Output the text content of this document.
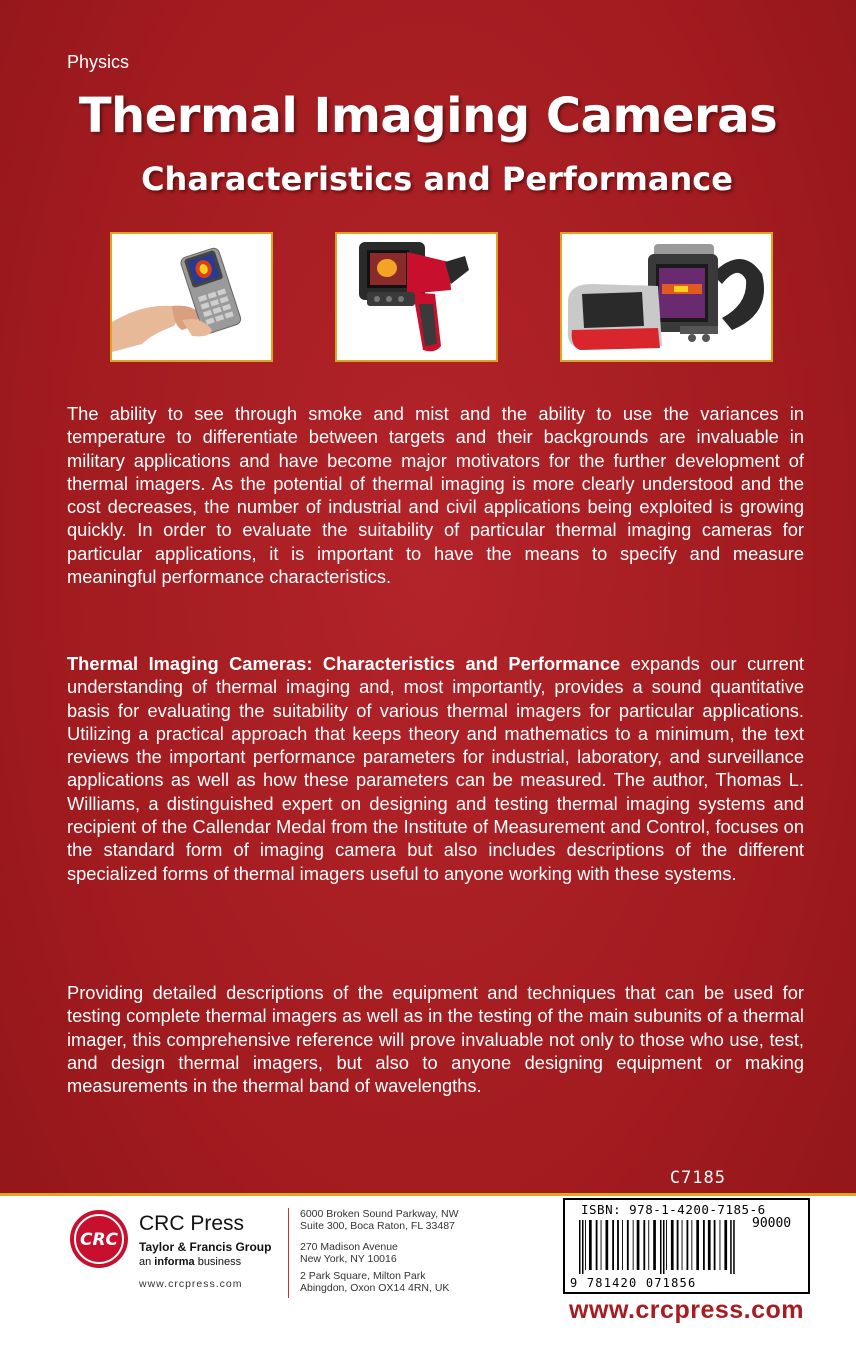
Physics
Thermal Imaging Cameras
Characteristics and Performance

The ability to see through smoke and mist and the ability to use the variances in temperature to differentiate between targets and their backgrounds are invaluable in military applications and have become major motivators for the further development of thermal imagers. As the potential of thermal imaging is more clearly understood and the cost decreases, the number of industrial and civil applications being exploited is growing quickly. In order to evaluate the suitability of particular thermal imaging cameras for particular applications, it is important to have the means to specify and measure meaningful performance characteristics.

Thermal Imaging Cameras: Characteristics and Performance expands our current understanding of thermal imaging and, most importantly, provides a sound quantitative basis for evaluating the suitability of various thermal imagers for particular applications. Utilizing a practical approach that keeps theory and mathematics to a minimum, the text reviews the important performance parameters for industrial, laboratory, and surveillance applications as well as how these parameters can be measured. The author, Thomas L. Williams, a distinguished expert on designing and testing thermal imaging systems and recipient of the Callendar Medal from the Institute of Measurement and Control, focuses on the standard form of imaging camera but also includes descriptions of the different specialized forms of thermal imagers useful to anyone working with these systems.

Providing detailed descriptions of the equipment and techniques that can be used for testing complete thermal imagers as well as in the testing of the main subunits of a thermal imager, this comprehensive reference will prove invaluable not only to those who use, test, and design thermal imagers, but also to anyone designing equipment or making measurements in the thermal band of wavelengths.

C7185
CRC
CRC Press
Taylor & Francis Group
an informa business
www.crcpress.com
6000 Broken Sound Parkway, NW
Suite 300, Boca Raton, FL 33487
270 Madison Avenue
New York, NY 10016
2 Park Square, Milton Park
Abingdon, Oxon OX14 4RN, UK
ISBN: 978-1-4200-7185-6
90000
9 781420 071856
www.crcpress.com
